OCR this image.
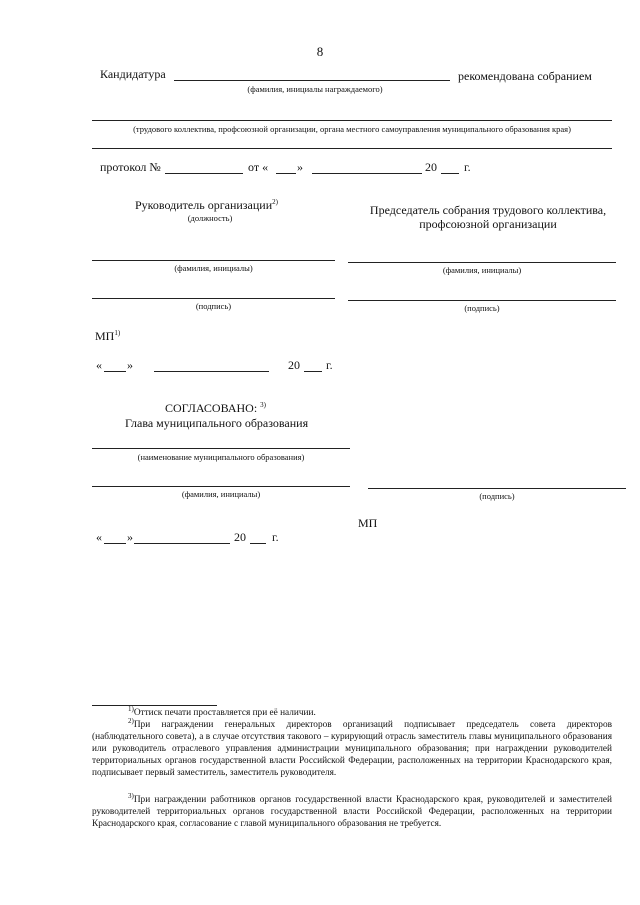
8
Кандидатура	рекомендована собранием
(фамилия, инициалы награждаемого)
(трудового коллектива, профсоюзной организации, органа местного самоуправления муниципального образования края)
протокол №	от « »	20 г.
Руководитель организации$^{2)}$
(должность)
(фамилия, инициалы)
(подпись)
Председатель собрания трудового коллектива,
профсоюзной организации
(фамилия, инициалы)
(подпись)
МП$^{1)}$
« »	20 г.
СОГЛАСОВАНО: $^{3)}$
Глава муниципального образования
(наименование муниципального образования)
(фамилия, инициалы)	(подпись)
МП
« »	20 г.
$^{1)}$Оттиск печати проставляется при её наличии.
$^{2)}$При награждении генеральных директоров организаций подписывает председатель совета директоров (наблюдательного совета), а в случае отсутствия такового – курирующий отрасль заместитель главы муниципального образования или руководитель отраслевого управления администрации муниципального образования; при награждении руководителей территориальных органов государственной власти Российской Федерации, расположенных на территории Краснодарского края, подписывает первый заместитель, заместитель руководителя.
$^{3)}$При награждении работников органов государственной власти Краснодарского края, руководителей и заместителей руководителей территориальных органов государственной власти Российской Федерации, расположенных на территории Краснодарского края, согласование с главой муниципального образования не требуется.
